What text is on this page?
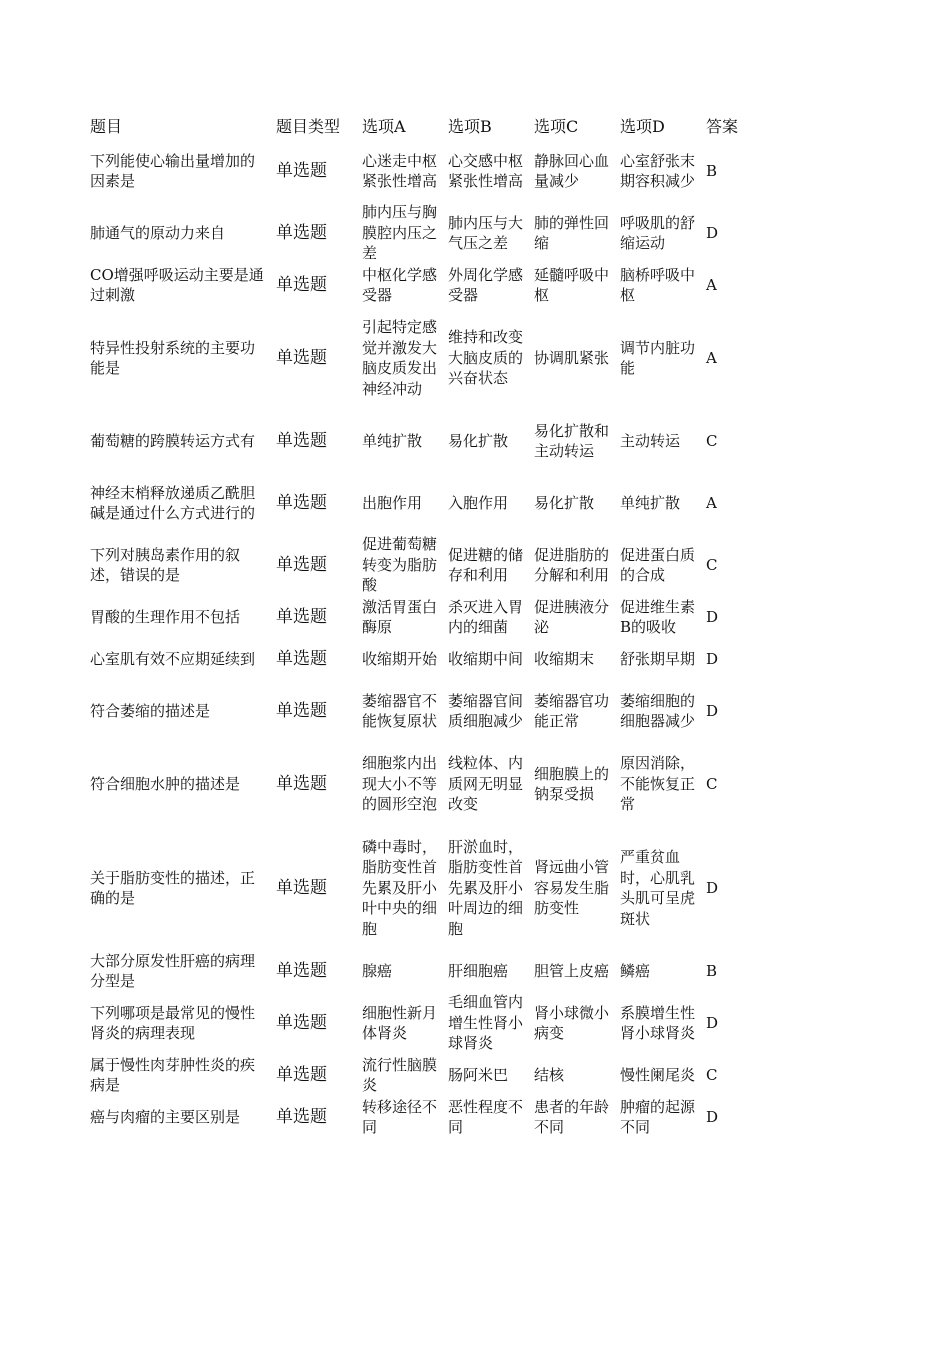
题目	题目类型	选项A	选项B	选项C	选项D	答案
下列能使心输出量增加的因素是	单选题	心迷走中枢紧张性增高	心交感中枢紧张性增高	静脉回心血量减少	心室舒张末期容积减少	B
肺通气的原动力来自	单选题	肺内压与胸膜腔内压之差	肺内压与大气压之差	肺的弹性回缩	呼吸肌的舒缩运动	D
CO增强呼吸运动主要是通过刺激	单选题	中枢化学感受器	外周化学感受器	延髓呼吸中枢	脑桥呼吸中枢	A
特异性投射系统的主要功能是	单选题	引起特定感觉并激发大脑皮质发出神经冲动	维持和改变大脑皮质的兴奋状态	协调肌紧张	调节内脏功能	A
葡萄糖的跨膜转运方式有	单选题	单纯扩散	易化扩散	易化扩散和主动转运	主动转运	C
神经末梢释放递质乙酰胆碱是通过什么方式进行的	单选题	出胞作用	入胞作用	易化扩散	单纯扩散	A
下列对胰岛素作用的叙述，错误的是	单选题	促进葡萄糖转变为脂肪酸	促进糖的储存和利用	促进脂肪的分解和利用	促进蛋白质的合成	C
胃酸的生理作用不包括	单选题	激活胃蛋白酶原	杀灭进入胃内的细菌	促进胰液分泌	促进维生素B的吸收	D
心室肌有效不应期延续到	单选题	收缩期开始	收缩期中间	收缩期末	舒张期早期	D
符合萎缩的描述是	单选题	萎缩器官不能恢复原状	萎缩器官间质细胞减少	萎缩器官功能正常	萎缩细胞的细胞器减少	D
符合细胞水肿的描述是	单选题	细胞浆内出现大小不等的圆形空泡	线粒体、内质网无明显改变	细胞膜上的钠泵受损	原因消除，不能恢复正常	C
关于脂肪变性的描述，正确的是	单选题	磷中毒时，脂肪变性首先累及肝小叶中央的细胞	肝淤血时，脂肪变性首先累及肝小叶周边的细胞	肾远曲小管容易发生脂肪变性	严重贫血时，心肌乳头肌可呈虎斑状	D
大部分原发性肝癌的病理分型是	单选题	腺癌	肝细胞癌	胆管上皮癌	鳞癌	B
下列哪项是最常见的慢性肾炎的病理表现	单选题	细胞性新月体肾炎	毛细血管内增生性肾小球肾炎	肾小球微小病变	系膜增生性肾小球肾炎	D
属于慢性肉芽肿性炎的疾病是	单选题	流行性脑膜炎	肠阿米巴	结核	慢性阑尾炎	C
癌与肉瘤的主要区别是	单选题	转移途径不同	恶性程度不同	患者的年龄不同	肿瘤的起源不同	D
